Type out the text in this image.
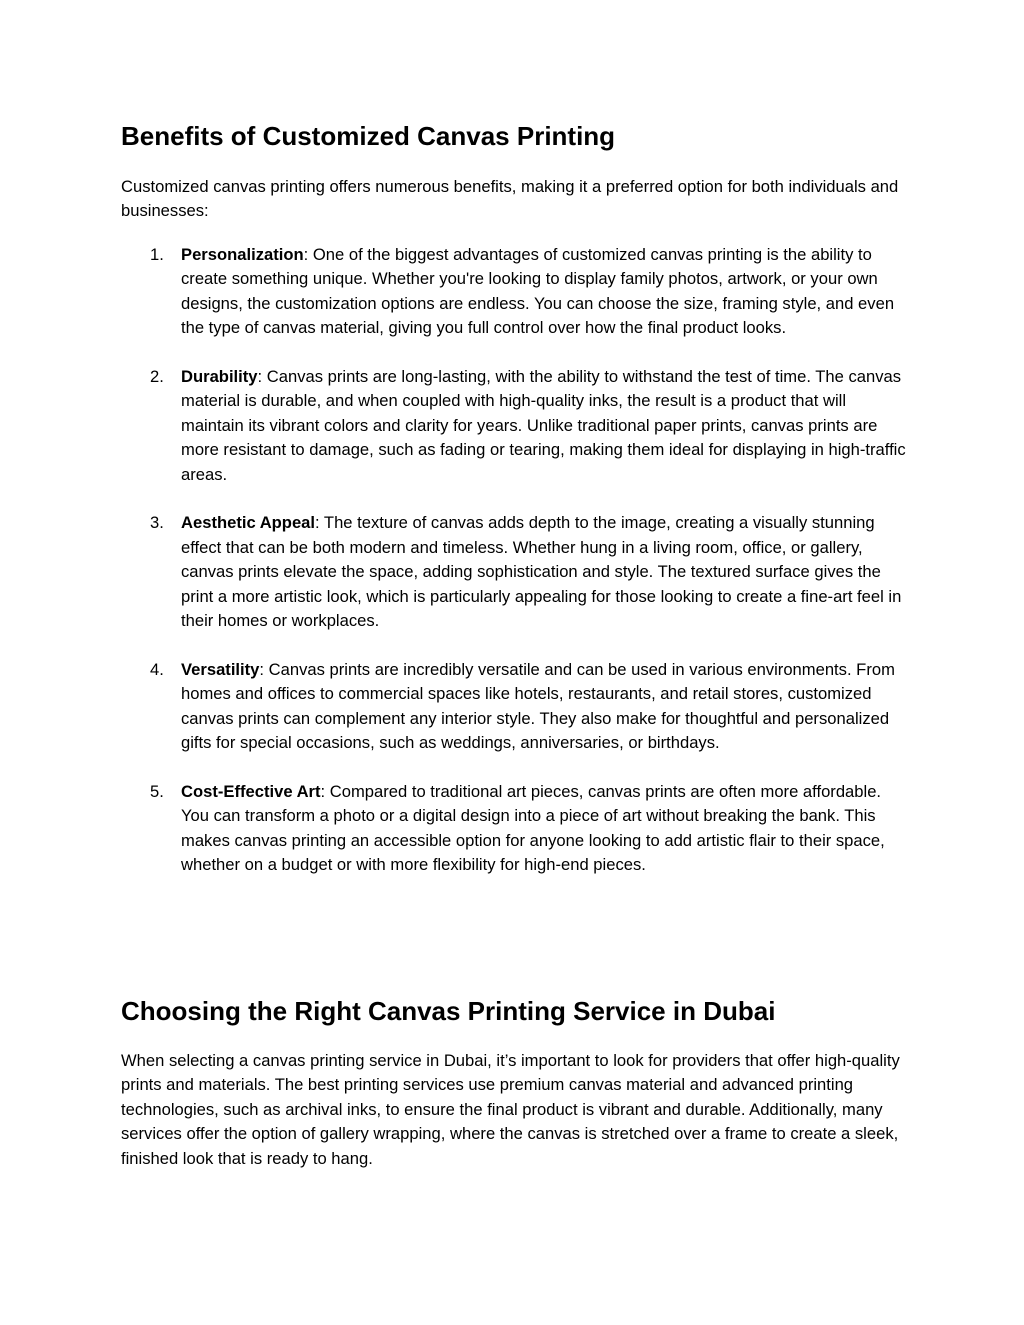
Benefits of Customized Canvas Printing

Customized canvas printing offers numerous benefits, making it a preferred option for both individuals and businesses:

1.	Personalization: One of the biggest advantages of customized canvas printing is the ability to create something unique. Whether you're looking to display family photos, artwork, or your own designs, the customization options are endless. You can choose the size, framing style, and even the type of canvas material, giving you full control over how the final product looks.
2.	Durability: Canvas prints are long-lasting, with the ability to withstand the test of time. The canvas material is durable, and when coupled with high-quality inks, the result is a product that will maintain its vibrant colors and clarity for years. Unlike traditional paper prints, canvas prints are more resistant to damage, such as fading or tearing, making them ideal for displaying in high-traffic areas.
3.	Aesthetic Appeal: The texture of canvas adds depth to the image, creating a visually stunning effect that can be both modern and timeless. Whether hung in a living room, office, or gallery, canvas prints elevate the space, adding sophistication and style. The textured surface gives the print a more artistic look, which is particularly appealing for those looking to create a fine-art feel in their homes or workplaces.
4.	Versatility: Canvas prints are incredibly versatile and can be used in various environments. From homes and offices to commercial spaces like hotels, restaurants, and retail stores, customized canvas prints can complement any interior style. They also make for thoughtful and personalized gifts for special occasions, such as weddings, anniversaries, or birthdays.
5.	Cost-Effective Art: Compared to traditional art pieces, canvas prints are often more affordable. You can transform a photo or a digital design into a piece of art without breaking the bank. This makes canvas printing an accessible option for anyone looking to add artistic flair to their space, whether on a budget or with more flexibility for high-end pieces.
Choosing the Right Canvas Printing Service in Dubai

When selecting a canvas printing service in Dubai, it’s important to look for providers that offer high-quality prints and materials. The best printing services use premium canvas material and advanced printing technologies, such as archival inks, to ensure the final product is vibrant and durable. Additionally, many services offer the option of gallery wrapping, where the canvas is stretched over a frame to create a sleek, finished look that is ready to hang.
